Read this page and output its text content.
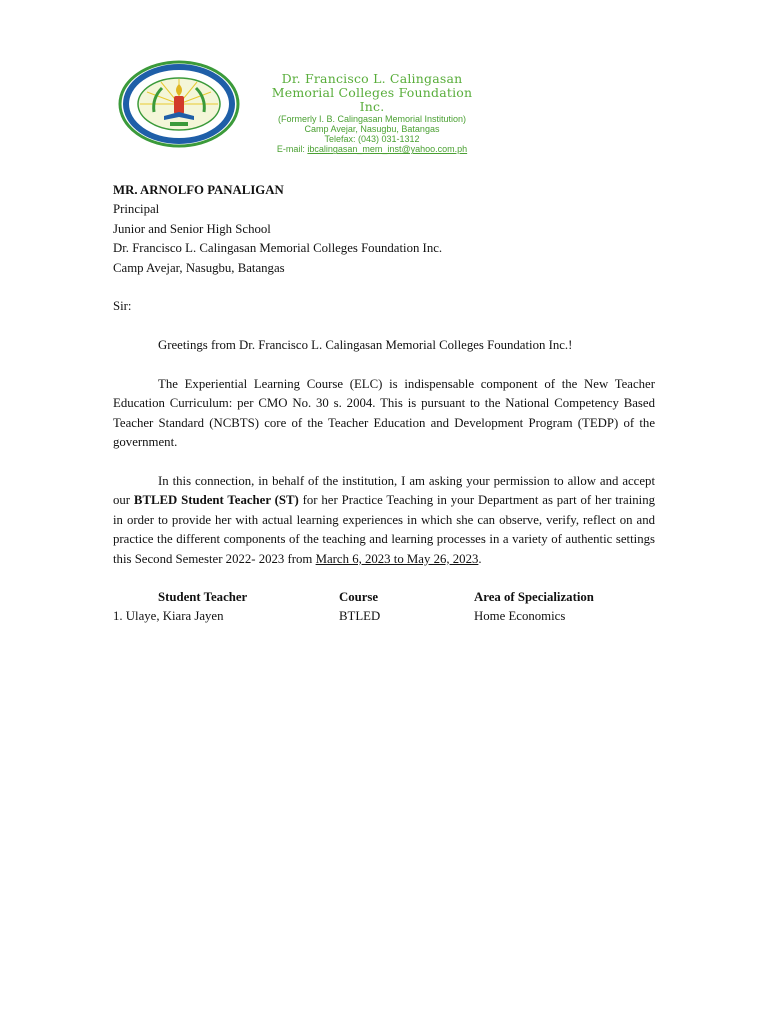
Dr. Francisco L. Calingasan
Memorial Colleges Foundation Inc.
(Formerly I. B. Calingasan Memorial Institution)
Camp Avejar, Nasugbu, Batangas
Telefax: (043) 031-1312
E-mail: ibcalingasan_mem_inst@yahoo.com.ph
MR. ARNOLFO PANALIGAN
Principal
Junior and Senior High School
Dr. Francisco L. Calingasan Memorial Colleges Foundation Inc.
Camp Avejar, Nasugbu, Batangas
Sir:

Greetings from Dr. Francisco L. Calingasan Memorial Colleges Foundation Inc.!

The Experiential Learning Course (ELC) is indispensable component of the New Teacher Education Curriculum: per CMO No. 30 s. 2004. This is pursuant to the National Competency Based Teacher Standard (NCBTS) core of the Teacher Education and Development Program (TEDP) of the government.

In this connection, in behalf of the institution, I am asking your permission to allow and accept our BTLED Student Teacher (ST) for her Practice Teaching in your Department as part of her training in order to provide her with actual learning experiences in which she can observe, verify, reflect on and practice the different components of the teaching and learning processes in a variety of authentic settings this Second Semester 2022- 2023 from March 6, 2023 to May 26, 2023.

Student Teacher	Course	Area of Specialization
1. Ulaye, Kiara Jayen	BTLED	Home Economics
